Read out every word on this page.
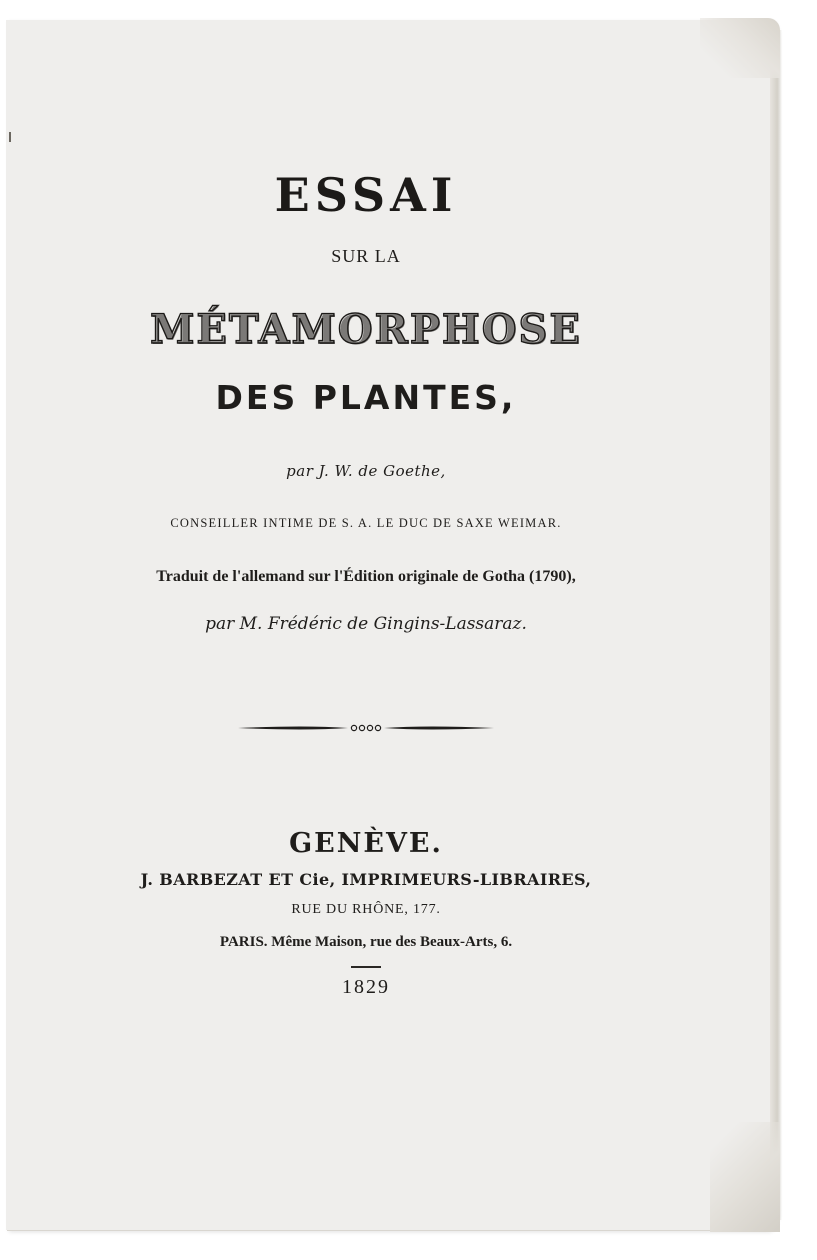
ESSAI
SUR LA
MÉTAMORPHOSE
DES PLANTES,
par J. W. de Goethe,
CONSEILLER INTIME DE S. A. LE DUC DE SAXE WEIMAR.
Traduit de l'allemand sur l'Édition originale de Gotha (1790),
par M. Frédéric de Gingins-Lassaraz.
GENÈVE.
J. BARBEZAT ET Cie, IMPRIMEURS-LIBRAIRES,
RUE DU RHÔNE, 177.
PARIS. Même Maison, rue des Beaux-Arts, 6.
1829
